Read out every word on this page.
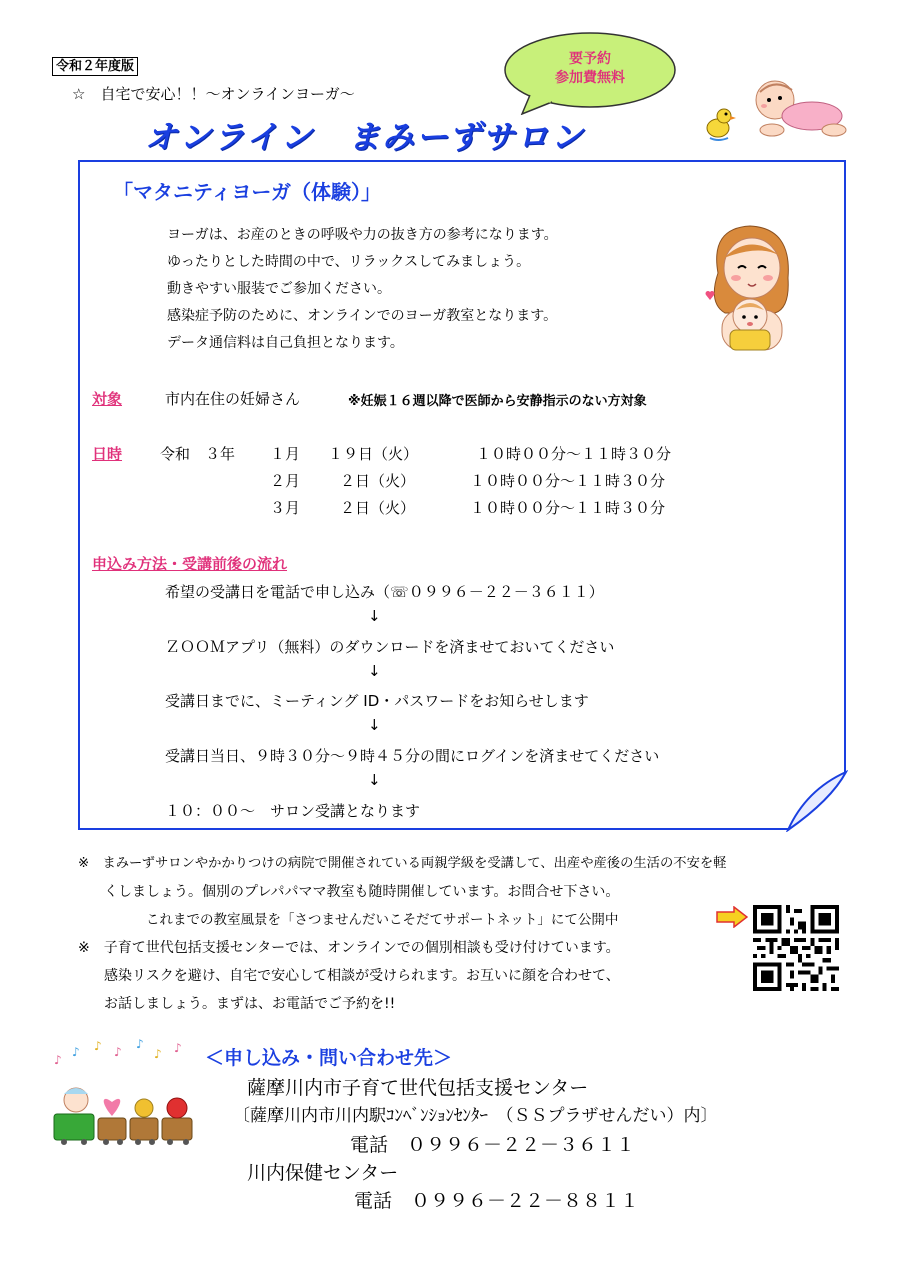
令和２年度版
☆　自宅で安心！！～オンラインヨーガ～
要予約
参加費無料
オンライン　まみーずサロン
「マタニティヨーガ（体験）」
ヨーガは、お産のときの呼吸や力の抜き方の参考になります。
ゆったりとした時間の中で、リラックスしてみましょう。
動きやすい服装でご参加ください。
感染症予防のために、オンラインでのヨーガ教室となります。
データ通信料は自己負担となります。
対象	市内在住の妊婦さん	※妊娠１６週以降で医師から安静指示のない方対象
日時	令和　３年 １月 １９日（火）	１０時００分～１１時３０分
２月	２日（火）	１０時００分～１１時３０分
３月	２日（火）	１０時００分～１１時３０分
申込み方法・受講前後の流れ
希望の受講日を電話で申し込み（☏０９９６－２２－３６１１）
↓
ＺＯＯＭアプリ（無料）のダウンロードを済ませておいてください
↓
受講日までに、ミーティング ID・パスワードをお知らせします
↓
受講日当日、９時３０分～９時４５分の間にログインを済ませてください
↓
１０：００～　サロン受講となります
※　まみーずサロンやかかりつけの病院で開催されている両親学級を受講して、出産や産後の生活の不安を軽
くしましょう。個別のプレパパママ教室も随時開催しています。お問合せ下さい。
これまでの教室風景を「さつませんだいこそだてサポートネット」にて公開中
※　子育て世代包括支援センターでは、オンラインでの個別相談も受け付けています。
感染リスクを避け、自宅で安心して相談が受けられます。お互いに顔を合わせて、
お話しましょう。まずは、お電話でご予約を!!
♪
♪ ♪ ♪
♪
♪ ♪ ＜申し込み・問い合わせ先＞
薩摩川内市子育て世代包括支援センター
〔薩摩川内市川内駅ｺﾝﾍﾞﾝｼｮﾝｾﾝﾀｰ　（ＳＳプラザせんだい）内〕
電話　０９９６－２２－３６１１
川内保健センター
電話　０９９６－２２－８８１１
